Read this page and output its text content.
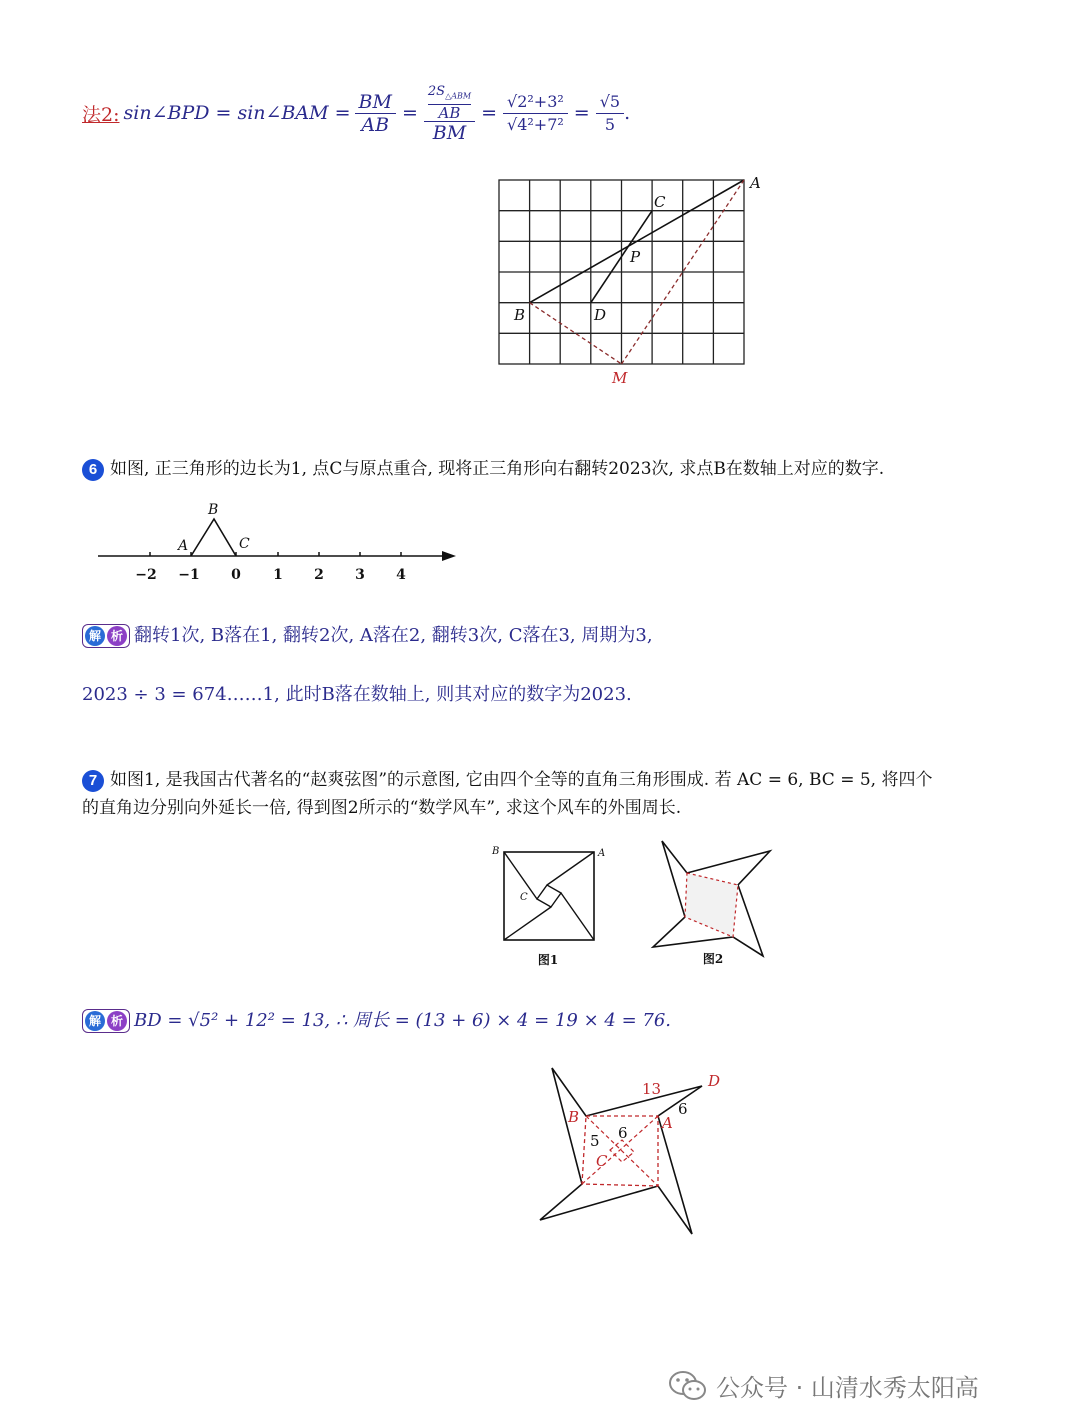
法2: sin∠BPD = sin∠BAM = $\frac{BM}{AB} = 2S_{\triangle ABM}$
AB
BM = $\frac{\text{√2²+3²}}{\text{√4²+7²}} = \frac{√5}{5}$ .
A
C
P
B	D
M
6 如图, 正三角形的边长为1, 点C与原点重合, 现将正三角形向右翻转2023次, 求点B在数轴上对应的数字.
B
A	C
−2 −1 0 1 2 3 4
解 析 翻转1次, B落在1, 翻转2次, A落在2, 翻转3次, C落在3, 周期为3,
2023 ÷ 3 = 674……1, 此时B落在数轴上, 则其对应的数字为2023.
7 如图1, 是我国古代著名的“赵爽弦图”的示意图, 它由四个全等的直角三角形围成. 若 AC = 6, BC = 5, 将四个
的直角边分别向外延长一倍, 得到图2所示的“数学风车”, 求这个风车的外围周长.
B	A
C
图1	图2
解 析 BD = √5² + 12² = 13, ∴ 周长 = (13 + 6) × 4 = 19 × 4 = 76.
D
B	A
C
13
6
5 6
公众号 · 山清水秀太阳高
